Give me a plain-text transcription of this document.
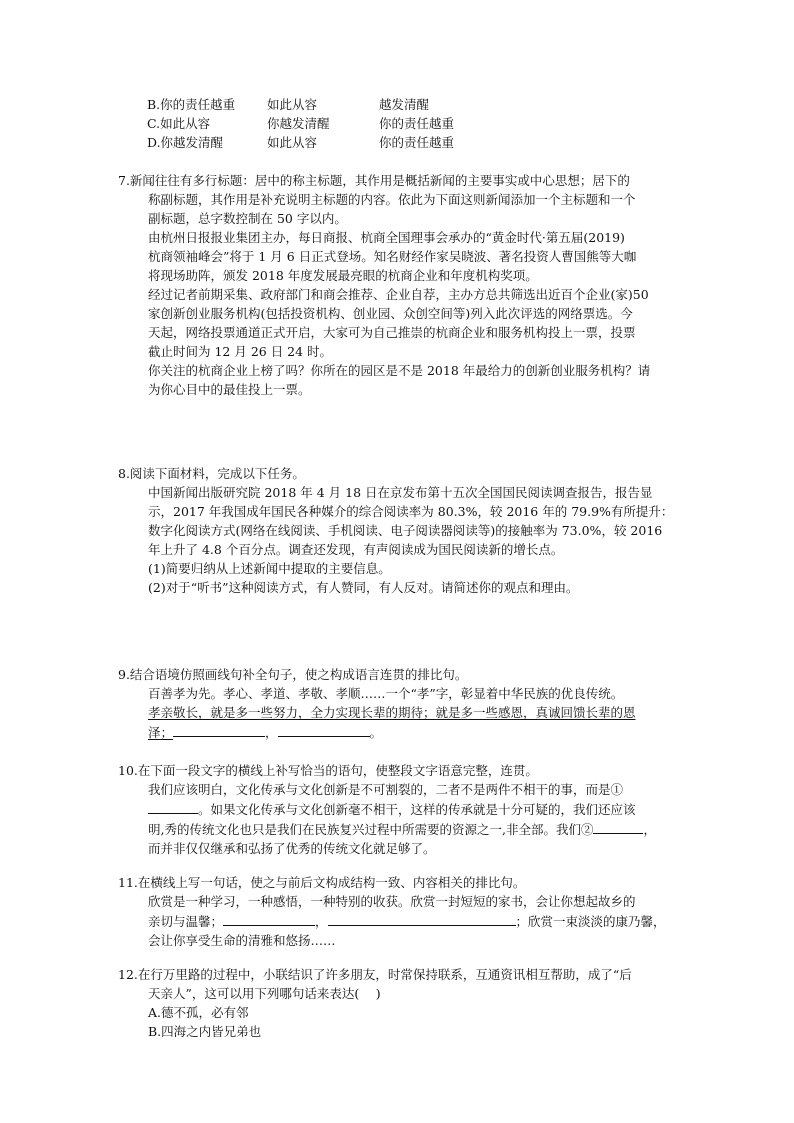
B.你的责任越重	如此从容	越发清醒
C.如此从容	你越发清醒	你的责任越重
D.你越发清醒	如此从容	你的责任越重

7.新闻往往有多行标题：居中的称主标题，其作用是概括新闻的主要事实或中心思想；居下的

称副标题，其作用是补充说明主标题的内容。依此为下面这则新闻添加一个主标题和一个

副标题，总字数控制在 50 字以内。

由杭州日报报业集团主办，每日商报、杭商全国理事会承办的“黄金时代·第五届(2019)

杭商领袖峰会”将于 1 月 6 日正式登场。知名财经作家吴晓波、著名投资人曹国熊等大咖

将现场助阵，颁发 2018 年度发展最亮眼的杭商企业和年度机构奖项。

经过记者前期采集、政府部门和商会推荐、企业自荐，主办方总共筛选出近百个企业(家)50

家创新创业服务机构(包括投资机构、创业园、众创空间等)列入此次评选的网络票选。今

天起，网络投票通道正式开启，大家可为自己推崇的杭商企业和服务机构投上一票，投票

截止时间为 12 月 26 日 24 时。

你关注的杭商企业上榜了吗？你所在的园区是不是 2018 年最给力的创新创业服务机构？请

为你心目中的最佳投上一票。

8.阅读下面材料，完成以下任务。

中国新闻出版研究院 2018 年 4 月 18 日在京发布第十五次全国国民阅读调查报告，报告显

示，2017 年我国成年国民各种媒介的综合阅读率为 80.3%，较 2016 年的 79.9%有所提升：

数字化阅读方式(网络在线阅读、手机阅读、电子阅读器阅读等)的接触率为 73.0%，较 2016

年上升了 4.8 个百分点。调查还发现，有声阅读成为国民阅读新的增长点。

(1)简要归纳从上述新闻中提取的主要信息。

(2)对于“听书”这种阅读方式，有人赞同，有人反对。请简述你的观点和理由。

9.结合语境仿照画线句补全句子，使之构成语言连贯的排比句。

百善孝为先。孝心、孝道、孝敬、孝顺……一个“孝”字，彰显着中华民族的优良传统。

孝亲敬长，就是多一些努力，全力实现长辈的期待；就是多一些感恩，真诚回馈长辈的恩

泽；	，	。

10.在下面一段文字的横线上补写恰当的语句，使整段文字语意完整，连贯。

我们应该明白，文化传承与文化创新是不可割裂的，二者不是两件不相干的事，而是①

。如果文化传承与文化创新毫不相干，这样的传承就是十分可疑的，我们还应该

明,秀的传统文化也只是我们在民族复兴过程中所需要的资源之一,非全部。我们②	，

而并非仅仅继承和弘扬了优秀的传统文化就足够了。

11.在横线上写一句话，使之与前后文构成结构一致、内容相关的排比句。

欣赏是一种学习，一种感悟，一种特别的收获。欣赏一封短短的家书，会让你想起故乡的

亲切与温馨；	，	；欣赏一束淡淡的康乃馨，

会让你享受生命的清雅和悠扬……

12.在行万里路的过程中，小联结识了许多朋友，时常保持联系，互通资讯相互帮助，成了“后

天亲人”，这可以用下列哪句话来表达(　 )

A.德不孤，必有邻

B.四海之内皆兄弟也
